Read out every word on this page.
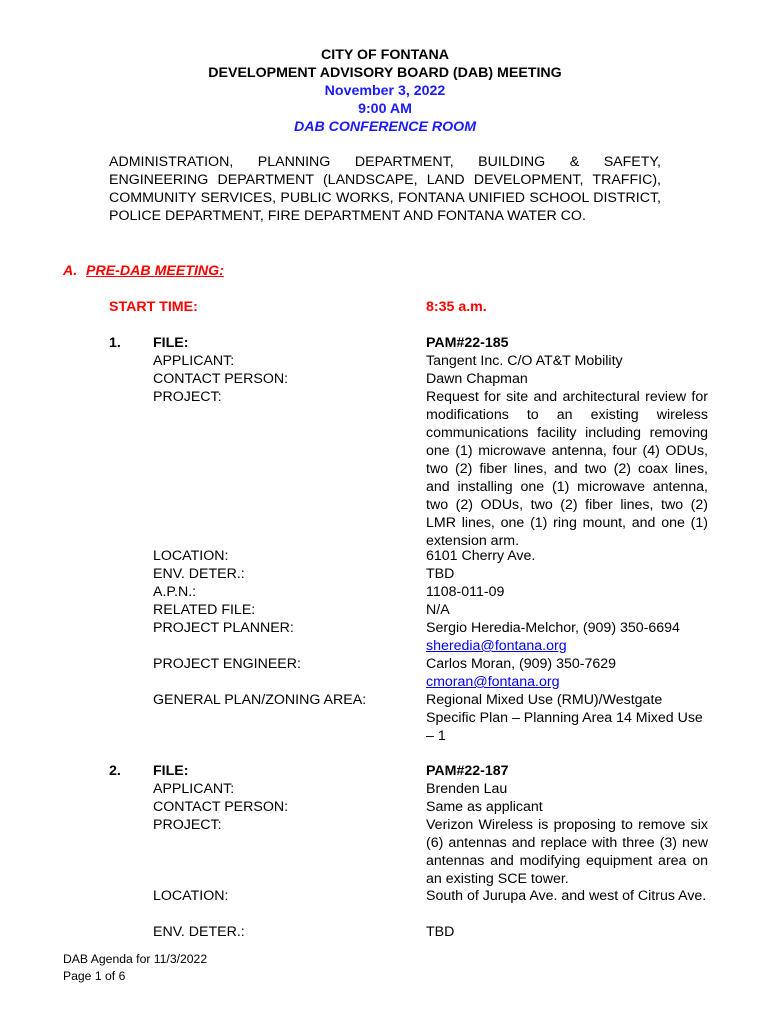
CITY OF FONTANA
DEVELOPMENT ADVISORY BOARD (DAB) MEETING
November 3, 2022
9:00 AM
DAB CONFERENCE ROOM
ADMINISTRATION, PLANNING DEPARTMENT, BUILDING & SAFETY, ENGINEERING DEPARTMENT (LANDSCAPE, LAND DEVELOPMENT, TRAFFIC), COMMUNITY SERVICES, PUBLIC WORKS, FONTANA UNIFIED SCHOOL DISTRICT, POLICE DEPARTMENT, FIRE DEPARTMENT AND FONTANA WATER CO.
A. PRE-DAB MEETING:
START TIME:	8:35 a.m.
1. FILE:	PAM#22-185
APPLICANT:	Tangent Inc. C/O AT&T Mobility
CONTACT PERSON:	Dawn Chapman
PROJECT:	Request for site and architectural review for modifications to an existing wireless communications facility including removing one (1) microwave antenna, four (4) ODUs, two (2) fiber lines, and two (2) coax lines, and installing one (1) microwave antenna, two (2) ODUs, two (2) fiber lines, two (2) LMR lines, one (1) ring mount, and one (1) extension arm.
LOCATION:	6101 Cherry Ave.
ENV. DETER.:	TBD
A.P.N.:	1108-011-09
RELATED FILE:	N/A
PROJECT PLANNER:	Sergio Heredia-Melchor, (909) 350-6694
sheredia@fontana.org
PROJECT ENGINEER:	Carlos Moran, (909) 350-7629
cmoran@fontana.org
GENERAL PLAN/ZONING AREA:	Regional Mixed Use (RMU)/Westgate Specific Plan – Planning Area 14 Mixed Use – 1
2. FILE:	PAM#22-187
APPLICANT:	Brenden Lau
CONTACT PERSON:	Same as applicant
PROJECT:	Verizon Wireless is proposing to remove six (6) antennas and replace with three (3) new antennas and modifying equipment area on an existing SCE tower.
LOCATION:	South of Jurupa Ave. and west of Citrus Ave.
ENV. DETER.:	TBD
DAB Agenda for 11/3/2022
Page 1 of 6
